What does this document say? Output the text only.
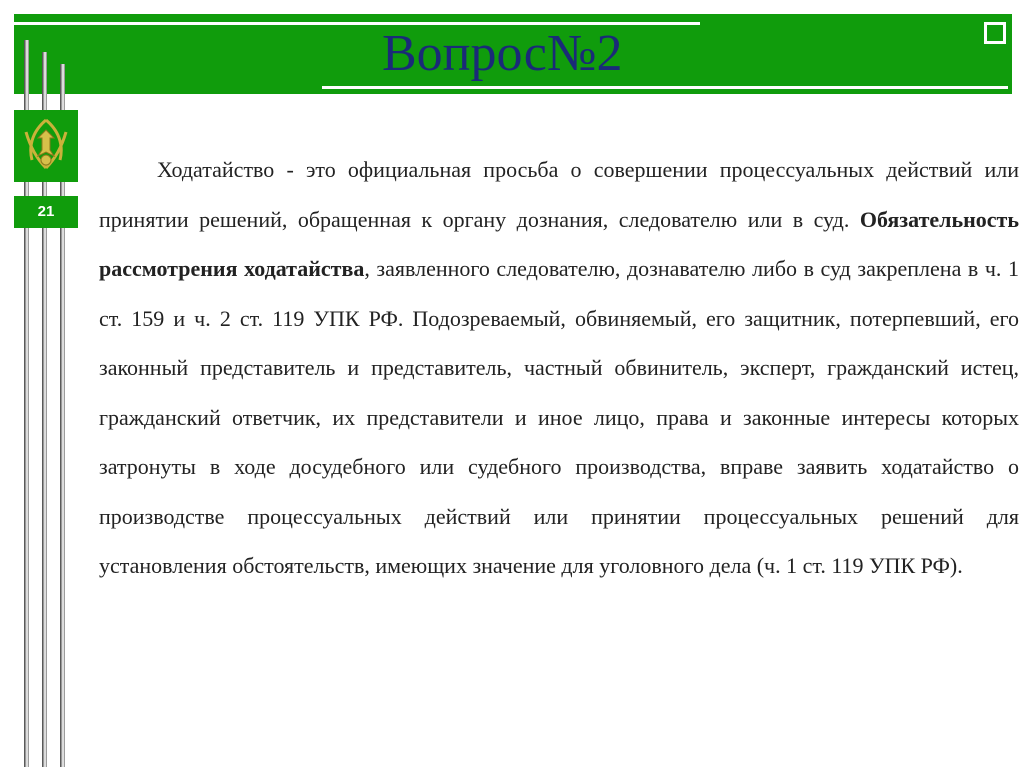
Вопрос№2
21

Ходатайство - это официальная просьба о совершении процессуальных действий или принятии решений, обращенная к органу дознания, следователю или в суд. Обязательность рассмотрения ходатайства, заявленного следователю, дознавателю либо в суд закреплена в ч. 1 ст. 159 и ч. 2 ст. 119 УПК РФ. Подозреваемый, обвиняемый, его защитник, потерпевший, его законный представитель и представитель, частный обвинитель, эксперт, гражданский истец, гражданский ответчик, их представители и иное лицо, права и законные интересы которых затронуты в ходе досудебного или судебного производства, вправе заявить ходатайство о производстве процессуальных действий или принятии процессуальных решений для установления обстоятельств, имеющих значение для уголовного дела (ч. 1 ст. 119 УПК РФ).
